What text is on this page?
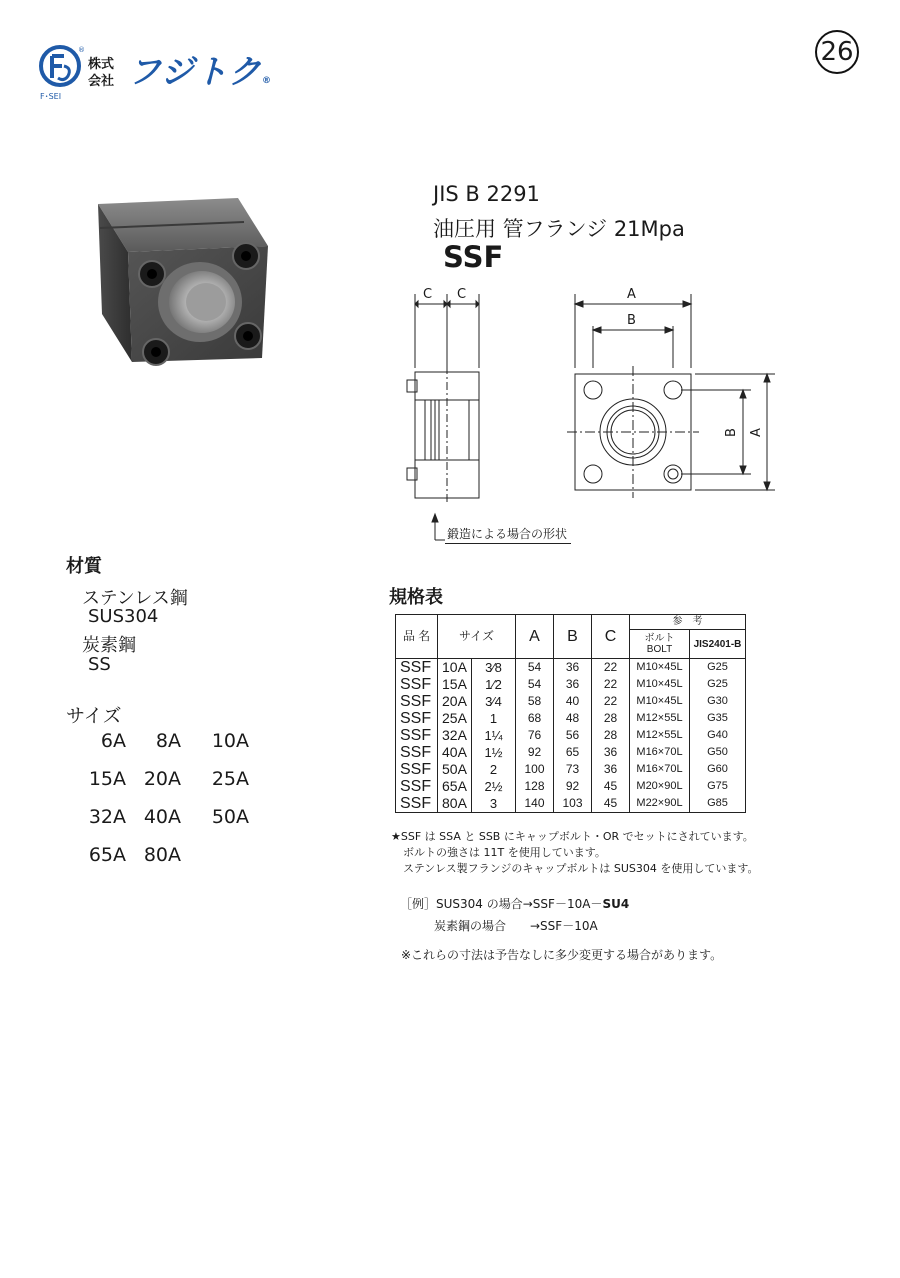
®
F･SEI
株式
会社 フジトク®
26
JIS B 2291
油圧用 管フランジ 21Mpa
SSF
C C	A
B
B A
鍛造による場合の形状
材質
ステンレス鋼
SUS304
炭素鋼
SS
サイズ
6A	8A	10A
15A 20A	25A
32A 40A	50A
65A 80A
規格表
品 名	サイズ		A	B	C	参　考	

						ボルト
BOLT	JIS2401-B
SSF	10A	3⁄8	54	36	22	M10×45L	G25
SSF	15A	1⁄2	54	36	22	M10×45L	G25
SSF	20A	3⁄4	58	40	22	M10×45L	G30
SSF	25A	1	68	48	28	M12×55L	G35
SSF	32A	1¼	76	56	28	M12×55L	G40
SSF	40A	1½	92	65	36	M16×70L	G50
SSF	50A	2	100	73	36	M16×70L	G60
SSF	65A	2½	128	92	45	M20×90L	G75
SSF	80A	3	140	103	45	M22×90L	G85
★SSF は SSA と SSB にキャップボルト・OR でセットにされています。
ボルトの強さは 11T を使用しています。
ステンレス製フランジのキャップボルトは SUS304 を使用しています。
［例］SUS304 の場合→SSF－10A－SU4
炭素鋼の場合　　→SSF－10A
※これらの寸法は予告なしに多少変更する場合があります。
